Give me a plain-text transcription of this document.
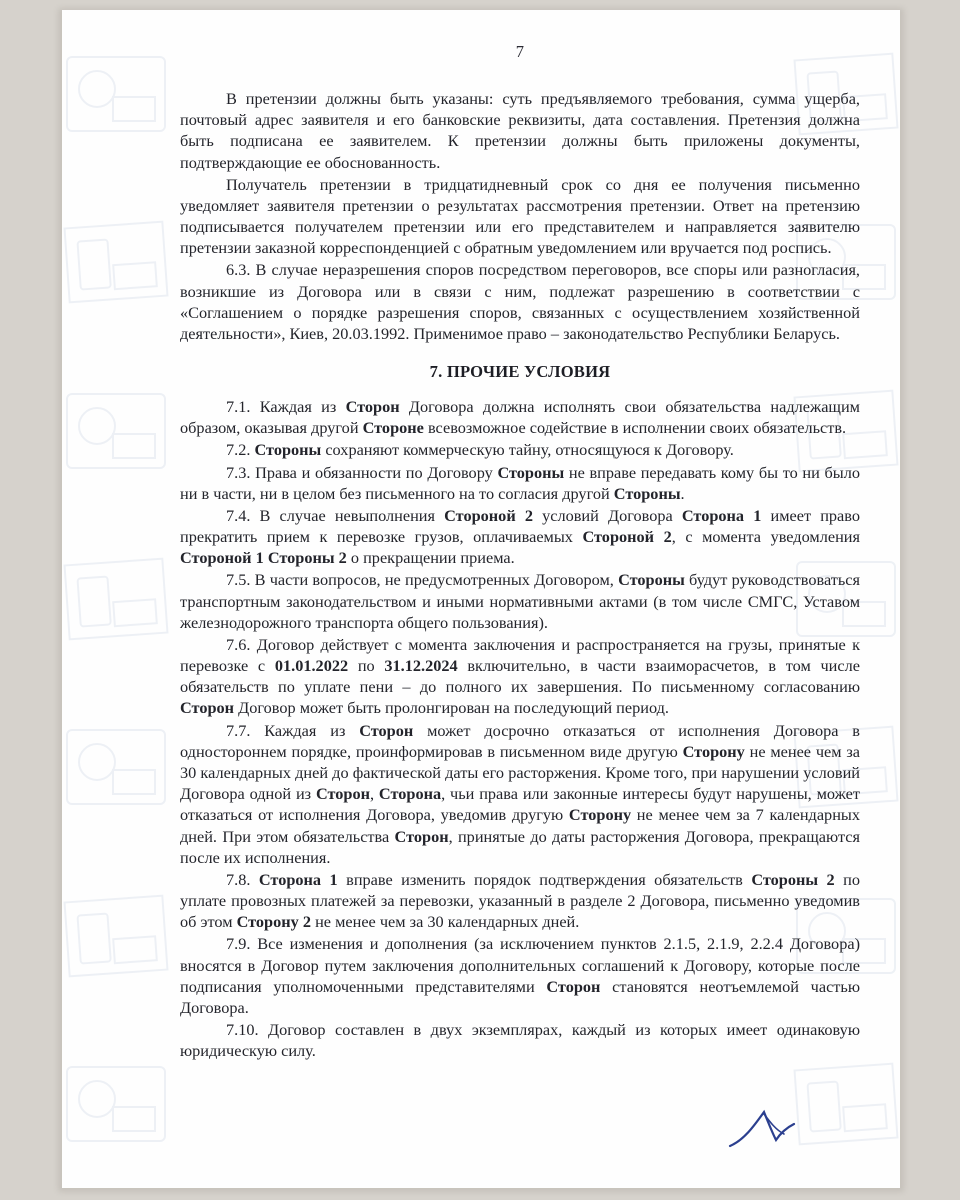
7

В претензии должны быть указаны: суть предъявляемого требования, сумма ущерба, почтовый адрес заявителя и его банковские реквизиты, дата составления. Претензия должна быть подписана ее заявителем. К претензии должны быть приложены документы, подтверждающие ее обоснованность.

Получатель претензии в тридцатидневный срок со дня ее получения письменно уведомляет заявителя претензии о результатах рассмотрения претензии. Ответ на претензию подписывается получателем претензии или его представителем и направляется заявителю претензии заказной корреспонденцией с обратным уведомлением или вручается под роспись.

6.3. В случае неразрешения споров посредством переговоров, все споры или разногласия, возникшие из Договора или в связи с ним, подлежат разрешению в соответствии с «Соглашением о порядке разрешения споров, связанных с осуществлением хозяйственной деятельности», Киев, 20.03.1992. Применимое право – законодательство Республики Беларусь.

7. ПРОЧИЕ УСЛОВИЯ

7.1. Каждая из Сторон Договора должна исполнять свои обязательства надлежащим образом, оказывая другой Стороне всевозможное содействие в исполнении своих обязательств.

7.2. Стороны сохраняют коммерческую тайну, относящуюся к Договору.

7.3. Права и обязанности по Договору Стороны не вправе передавать кому бы то ни было ни в части, ни в целом без письменного на то согласия другой Стороны.

7.4. В случае невыполнения Стороной 2 условий Договора Сторона 1 имеет право прекратить прием к перевозке грузов, оплачиваемых Стороной 2, с момента уведомления Стороной 1 Стороны 2 о прекращении приема.

7.5. В части вопросов, не предусмотренных Договором, Стороны будут руководствоваться транспортным законодательством и иными нормативными актами (в том числе СМГС, Уставом железнодорожного транспорта общего пользования).

7.6. Договор действует с момента заключения и распространяется на грузы, принятые к перевозке с 01.01.2022 по 31.12.2024 включительно, в части взаиморасчетов, в том числе обязательств по уплате пени – до полного их завершения. По письменному согласованию Сторон Договор может быть пролонгирован на последующий период.

7.7. Каждая из Сторон может досрочно отказаться от исполнения Договора в одностороннем порядке, проинформировав в письменном виде другую Сторону не менее чем за 30 календарных дней до фактической даты его расторжения. Кроме того, при нарушении условий Договора одной из Сторон, Сторона, чьи права или законные интересы будут нарушены, может отказаться от исполнения Договора, уведомив другую Сторону не менее чем за 7 календарных дней. При этом обязательства Сторон, принятые до даты расторжения Договора, прекращаются после их исполнения.

7.8. Сторона 1 вправе изменить порядок подтверждения обязательств Стороны 2 по уплате провозных платежей за перевозки, указанный в разделе 2 Договора, письменно уведомив об этом Сторону 2 не менее чем за 30 календарных дней.

7.9. Все изменения и дополнения (за исключением пунктов 2.1.5, 2.1.9, 2.2.4 Договора) вносятся в Договор путем заключения дополнительных соглашений к Договору, которые после подписания уполномоченными представителями Сторон становятся неотъемлемой частью Договора.

7.10. Договор составлен в двух экземплярах, каждый из которых имеет одинаковую юридическую силу.
